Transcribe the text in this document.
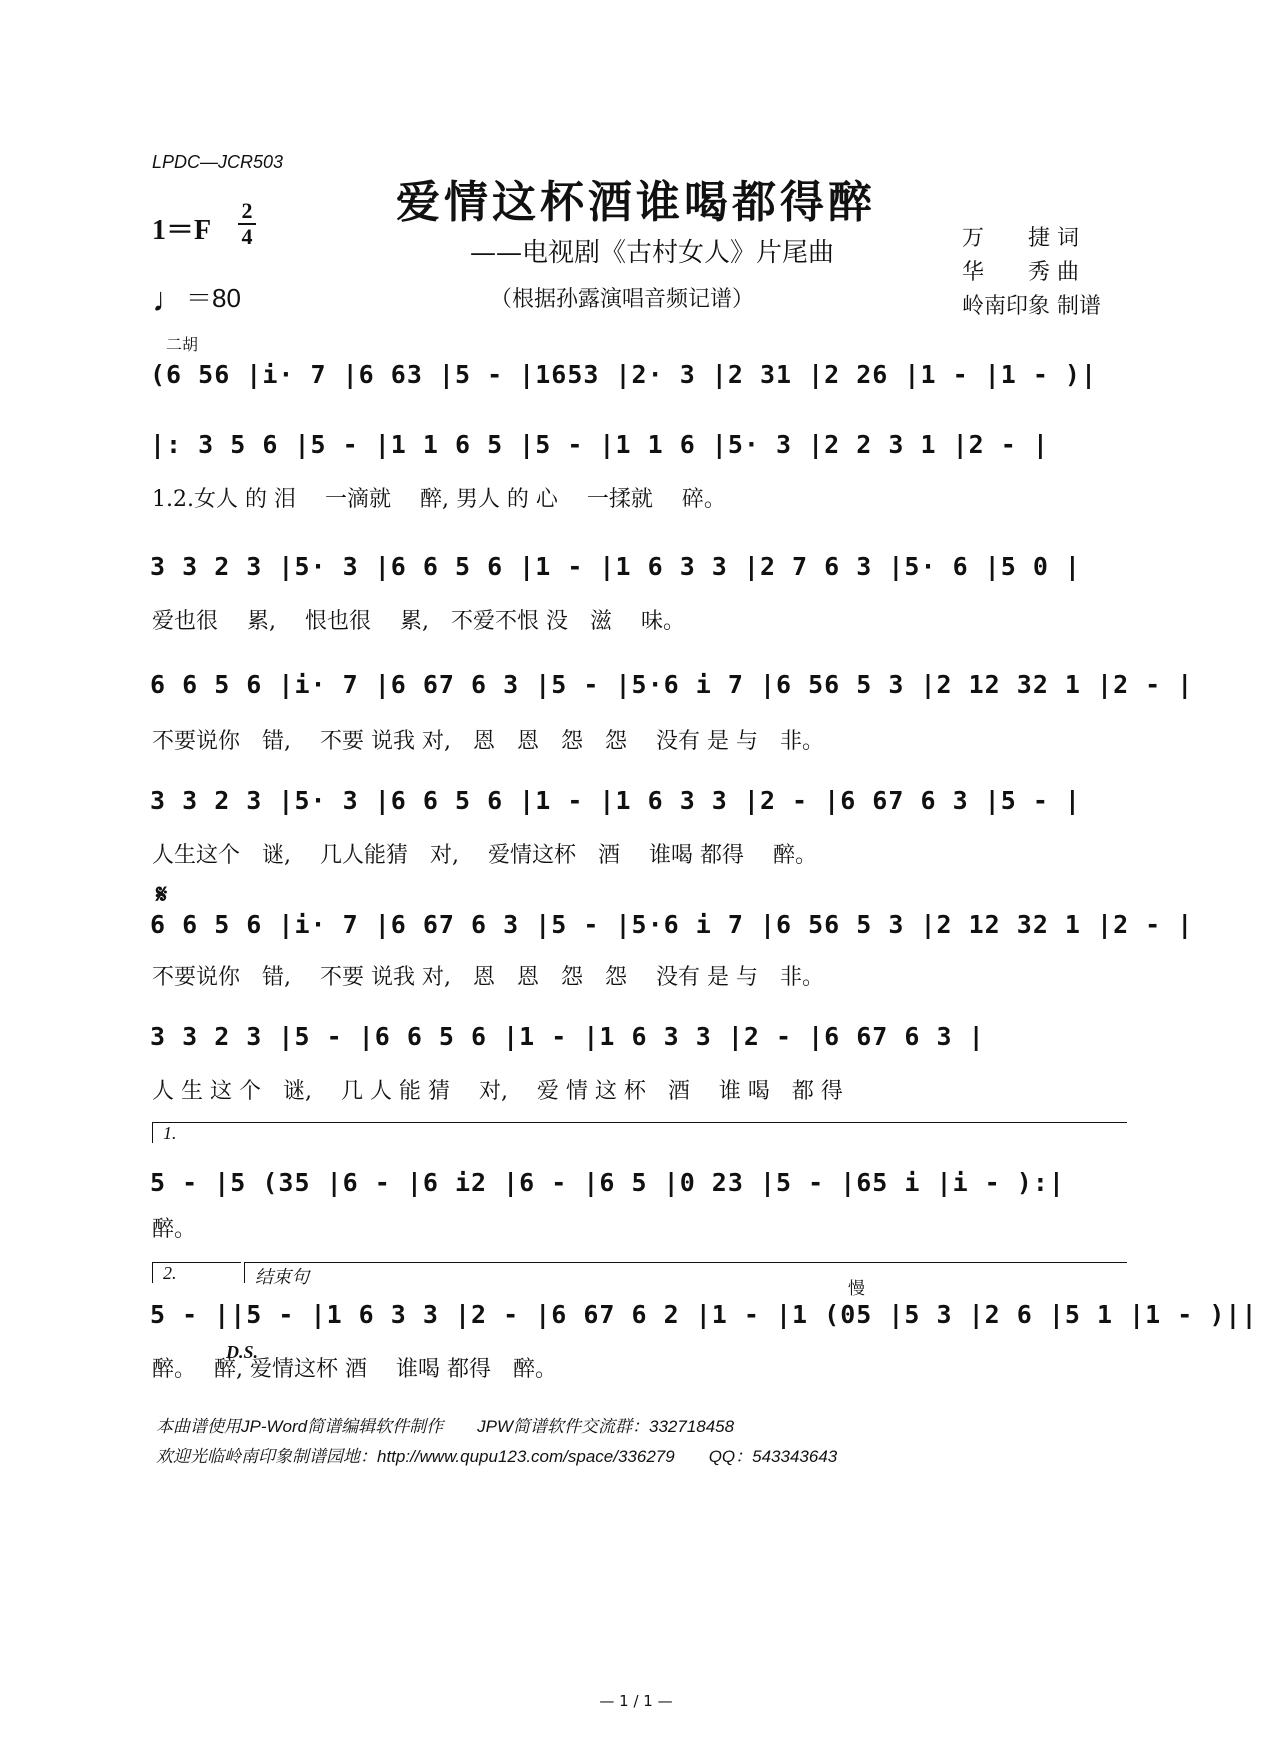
LPDC—JCR503
爱情这杯酒谁喝都得醉
——电视剧《古村女人》片尾曲
（根据孙露演唱音频记谱）
万　　捷 词
华　　秀 曲
岭南印象 制谱
1＝F
2
4
♩＝80
二胡
(6 56 |i· 7 |6 63 |5 - |1653 |2· 3 |2 31 |2 26 |1 - |1 - )|
|: 3 5 6 |5 - |1 1 6 5 |5 - |1 1 6 |5· 3 |2 2 3 1 |2 - |
1.2.女人 的 泪　 一滴就　 醉, 男人 的 心　 一揉就　 碎。
3 3 2 3 |5· 3 |6 6 5 6 |1 - |1 6 3 3 |2 7 6 3 |5· 6 |5 0 |
爱也很　 累,　 恨也很　 累,　不爱不恨 没　滋　 味。
6 6 5 6 |i· 7 |6 67 6 3 |5 - |5·6 i 7 |6 56 5 3 |2 12 32 1 |2 - |
不要说你　错,　 不要 说我 对,　恩　恩　怨　怨　 没有 是 与　非。
3 3 2 3 |5· 3 |6 6 5 6 |1 - |1 6 3 3 |2 - |6 67 6 3 |5 - |
人生这个　谜,　 几人能猜　对,　 爱情这杯　酒　 谁喝 都得　 醉。
𝄋
6 6 5 6 |i· 7 |6 67 6 3 |5 - |5·6 i 7 |6 56 5 3 |2 12 32 1 |2 - |
不要说你　错,　 不要 说我 对,　恩　恩　怨　怨　 没有 是 与　非。
3 3 2 3 |5 - |6 6 5 6 |1 - |1 6 3 3 |2 - |6 67 6 3 |
人 生 这 个　谜,　 几 人 能 猜　 对,　 爱 情 这 杯　酒　 谁 喝　都 得
1.
5 - |5 (35 |6 - |6 i2 |6 - |6 5 |0 23 |5 - |65 i |i - ):|
醉。
2.	结束句
慢
5 - ||5 - |1 6 3 3 |2 - |6 67 6 2 |1 - |1 (05 |5 3 |2 6 |5 1 |1 - )||
D.S.
醉。　 醉, 爱情这杯 酒　 谁喝 都得　醉。
本曲谱使用JP-Word简谱编辑软件制作　　JPW简谱软件交流群：332718458
欢迎光临岭南印象制谱园地：http://www.qupu123.com/space/336279　　QQ：543343643
— 1 / 1 —
